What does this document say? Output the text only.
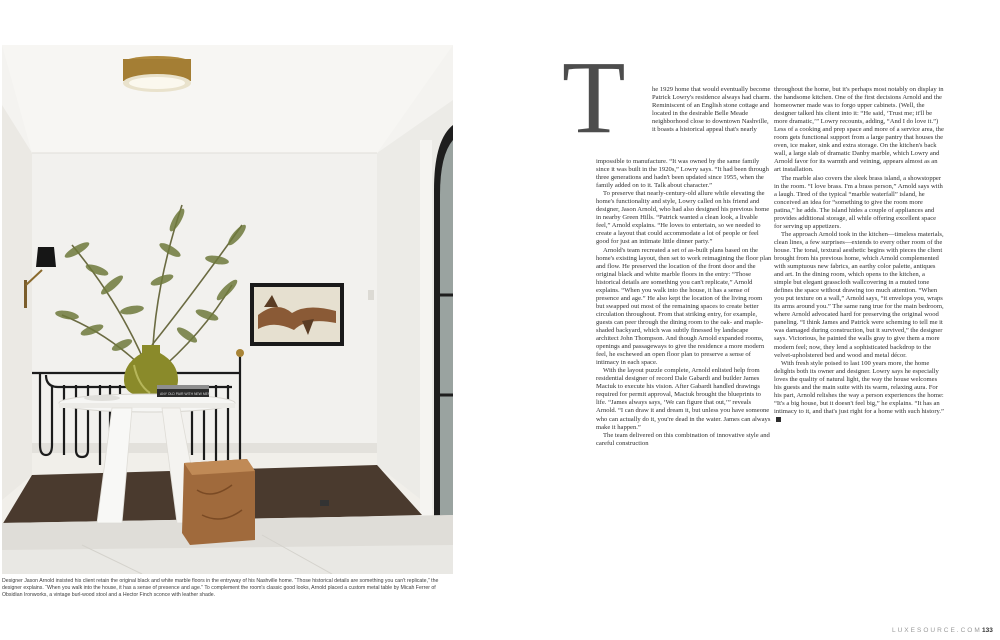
ANY OLD PAIR WITH NEW MEN
Designer Jason Arnold insisted his client retain the original black and white marble floors in the entryway of his Nashville home. “Those historical details are something you can't replicate,” the designer explains. “When you walk into the house, it has a sense of presence and age.” To complement the room's classic good looks, Arnold placed a custom metal table by Micah Ferrer of Obsidian Ironworks, a vintage burl-wood stool and a Hector Finch sconce with leather shade.
T	he 1929 home that would eventually become Patrick Lowry's residence always had charm. Reminiscent of an English stone cottage and located in the desirable Belle Meade neighborhood close to downtown Nashville, it boasts a historical appeal that's nearly

impossible to manufacture. “It was owned by the same family since it was built in the 1920s,” Lowry says. “It had been through three generations and hadn't been updated since 1955, when the family added on to it. Talk about character.”

To preserve that nearly-century-old allure while elevating the home's functionality and style, Lowry called on his friend and designer, Jason Arnold, who had also designed his previous home in nearby Green Hills. “Patrick wanted a clean look, a livable feel,” Arnold explains. “He loves to entertain, so we needed to create a layout that could accommodate a lot of people or feel good for just an intimate little dinner party.”

Arnold's team recreated a set of as-built plans based on the home's existing layout, then set to work reimagining the floor plan and flow. He preserved the location of the front door and the original black and white marble floors in the entry: “Those historical details are something you can't replicate,” Arnold explains. “When you walk into the house, it has a sense of presence and age.” He also kept the location of the living room but swapped out most of the remaining spaces to create better circulation throughout. From that striking entry, for example, guests can peer through the dining room to the oak- and maple-shaded backyard, which was subtly finessed by landscape architect John Thompson. And though Arnold expanded rooms, openings and passageways to give the residence a more modern feel, he eschewed an open floor plan to preserve a sense of intimacy in each space.

With the layout puzzle complete, Arnold enlisted help from residential designer of record Dale Gabardi and builder James Maciuk to execute his vision. After Gabardi handled drawings required for permit approval, Maciuk brought the blueprints to life. “James always says, ‘We can figure that out,’” reveals Arnold. “I can draw it and dream it, but unless you have someone who can actually do it, you're dead in the water. James can always make it happen.”

The team delivered on this combination of innovative style and careful construction

throughout the home, but it's perhaps most notably on display in the handsome kitchen. One of the first decisions Arnold and the homeowner made was to forgo upper cabinets. (Well, the designer talked his client into it: “He said, ‘Trust me; it'll be more dramatic,’” Lowry recounts, adding, “And I do love it.”) Less of a cooking and prep space and more of a service area, the room gets functional support from a large pantry that houses the oven, ice maker, sink and extra storage. On the kitchen's back wall, a large slab of dramatic Danby marble, which Lowry and Arnold favor for its warmth and veining, appears almost as an art installation.

The marble also covers the sleek brass island, a showstopper in the room. “I love brass. I'm a brass person,” Arnold says with a laugh. Tired of the typical “marble waterfall” island, he conceived an idea for “something to give the room more patina,” he adds. The island hides a couple of appliances and provides additional storage, all while offering excellent space for serving up appetizers.

The approach Arnold took in the kitchen—timeless materials, clean lines, a few surprises—extends to every other room of the house. The tonal, textural aesthetic begins with pieces the client brought from his previous home, which Arnold complemented with sumptuous new fabrics, an earthy color palette, antiques and art. In the dining room, which opens to the kitchen, a simple but elegant grasscloth wallcovering in a muted tone defines the space without drawing too much attention. “When you put texture on a wall,” Arnold says, “it envelops you, wraps its arms around you.” The same rang true for the main bedroom, where Arnold advocated hard for preserving the original wood paneling. “I think James and Patrick were scheming to tell me it was damaged during construction, but it survived,” the designer says. Victorious, he painted the walls gray to give them a more modern feel; now, they lend a sophisticated backdrop to the velvet-upholstered bed and wood and metal décor.

With fresh style poised to last 100 years more, the home delights both its owner and designer. Lowry says he especially loves the quality of natural light, the way the house welcomes his guests and the main suite with its warm, relaxing aura. For his part, Arnold relishes the way a person experiences the home: “It's a big house, but it doesn't feel big,” he explains. “It has an intimacy to it, and that's just right for a home with such history.”

LUXESOURCE.COM 133
